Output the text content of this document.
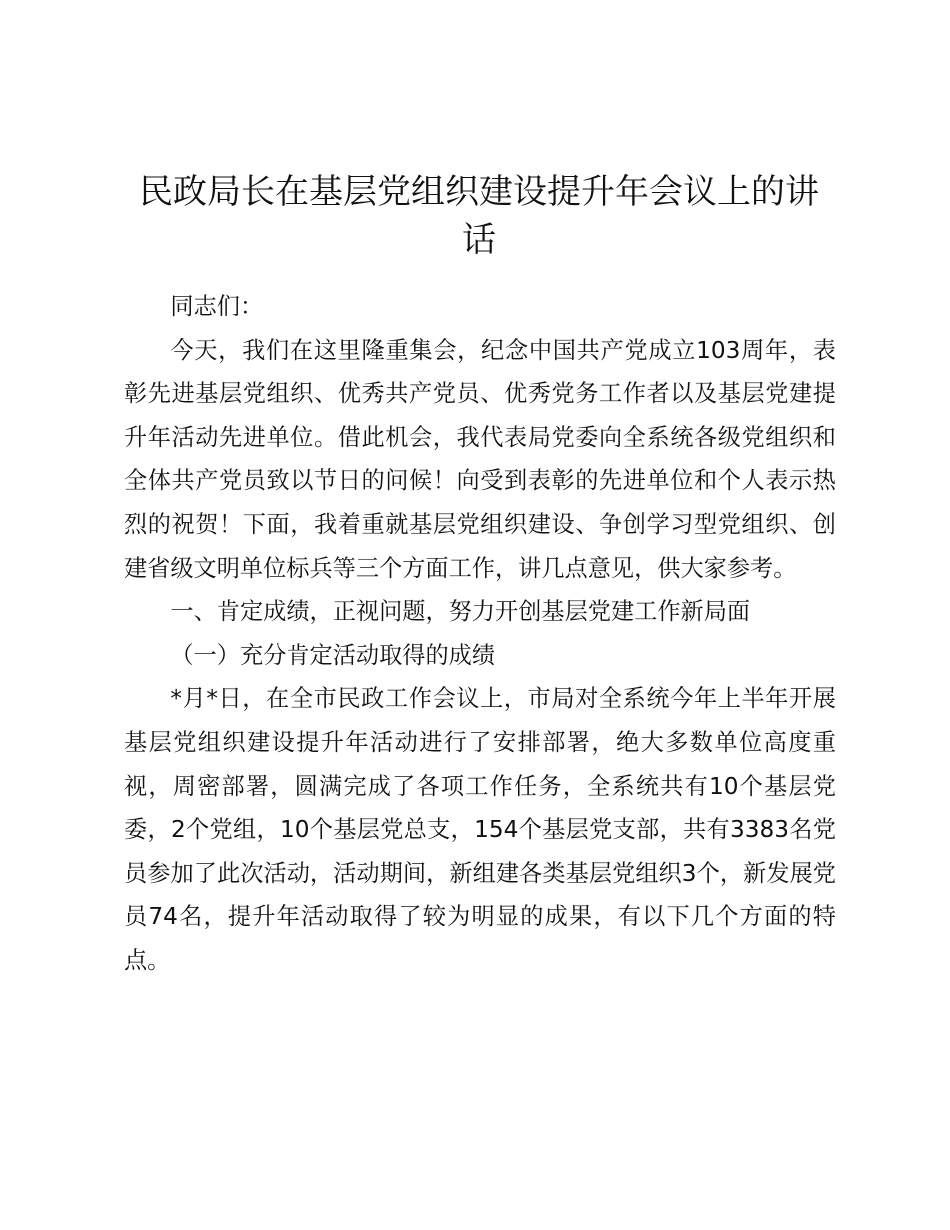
民政局长在基层党组织建设提升年会议上的讲话

同志们：

今天，我们在这里隆重集会，纪念中国共产党成立103周年，表彰先进基层党组织、优秀共产党员、优秀党务工作者以及基层党建提升年活动先进单位。借此机会，我代表局党委向全系统各级党组织和全体共产党员致以节日的问候！向受到表彰的先进单位和个人表示热烈的祝贺！下面，我着重就基层党组织建设、争创学习型党组织、创建省级文明单位标兵等三个方面工作，讲几点意见，供大家参考。

一、肯定成绩，正视问题，努力开创基层党建工作新局面

（一）充分肯定活动取得的成绩

*月*日，在全市民政工作会议上，市局对全系统今年上半年开展基层党组织建设提升年活动进行了安排部署，绝大多数单位高度重视，周密部署，圆满完成了各项工作任务，全系统共有10个基层党委，2个党组，10个基层党总支，154个基层党支部，共有3383名党员参加了此次活动，活动期间，新组建各类基层党组织3个，新发展党员74名，提升年活动取得了较为明显的成果，有以下几个方面的特点。
